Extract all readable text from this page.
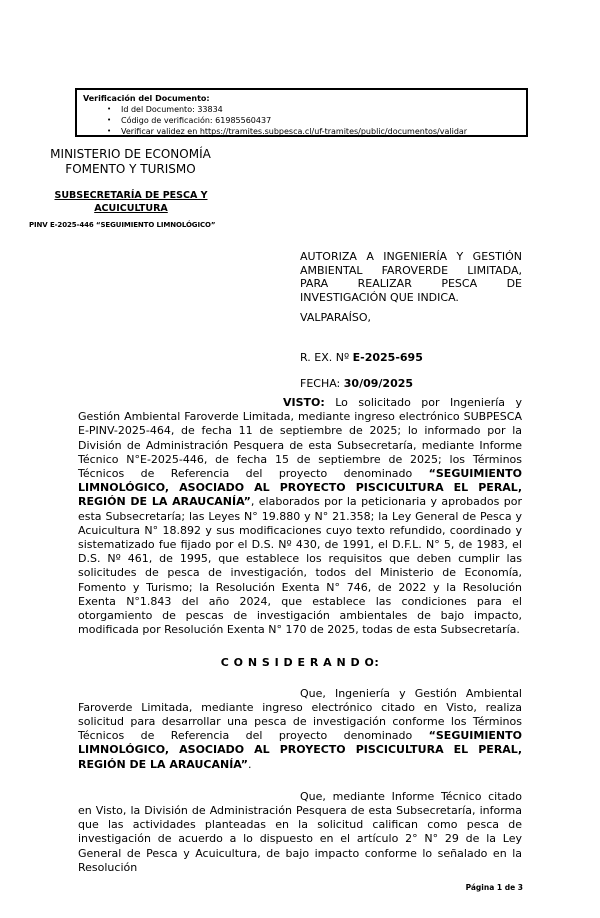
Verificación del Documento:
•	Id del Documento: 33834
•	Código de verificación: 61985560437
•	Verificar validez en https://tramites.subpesca.cl/uf-tramites/public/documentos/validar
MINISTERIO DE ECONOMÍA
FOMENTO Y TURISMO
SUBSECRETARÍA DE PESCA Y ACUICULTURA
PINV E-2025-446 “SEGUIMIENTO LIMNOLÓGICO”

AUTORIZA A INGENIERÍA Y GESTIÓN AMBIENTAL FAROVERDE LIMITADA, PARA REALIZAR PESCA DE INVESTIGACIÓN QUE INDICA.

VALPARAÍSO,

R. EX. Nº E-2025-695

FECHA: 30/09/2025

VISTO: Lo solicitado por Ingeniería y Gestión Ambiental Faroverde Limitada, mediante ingreso electrónico SUBPESCA E-PINV-2025-464, de fecha 11 de septiembre de 2025; lo informado por la División de Administración Pesquera de esta Subsecretaría, mediante Informe Técnico N°E-2025-446, de fecha 15 de septiembre de 2025; los Términos Técnicos de Referencia del proyecto denominado “SEGUIMIENTO LIMNOLÓGICO, ASOCIADO AL PROYECTO PISCICULTURA EL PERAL, REGIÓN DE LA ARAUCANÍA”, elaborados por la peticionaria y aprobados por esta Subsecretaría; las Leyes N° 19.880 y N° 21.358; la Ley General de Pesca y Acuicultura N° 18.892 y sus modificaciones cuyo texto refundido, coordinado y sistematizado fue fijado por el D.S. Nº 430, de 1991, el D.F.L. N° 5, de 1983, el D.S. Nº 461, de 1995, que establece los requisitos que deben cumplir las solicitudes de pesca de investigación, todos del Ministerio de Economía, Fomento y Turismo; la Resolución Exenta N° 746, de 2022 y la Resolución Exenta N°1.843 del año 2024, que establece las condiciones para el otorgamiento de pescas de investigación ambientales de bajo impacto, modificada por Resolución Exenta N° 170 de 2025, todas de esta Subsecretaría.

C O N S I D E R A N D O:

Que, Ingeniería y Gestión Ambiental Faroverde Limitada, mediante ingreso electrónico citado en Visto, realiza solicitud para desarrollar una pesca de investigación conforme los Términos Técnicos de Referencia del proyecto denominado “SEGUIMIENTO LIMNOLÓGICO, ASOCIADO AL PROYECTO PISCICULTURA EL PERAL, REGIÓN DE LA ARAUCANÍA”.

Que, mediante Informe Técnico citado en Visto, la División de Administración Pesquera de esta Subsecretaría, informa que las actividades planteadas en la solicitud califican como pesca de investigación de acuerdo a lo dispuesto en el artículo 2° N° 29 de la Ley General de Pesca y Acuicultura, de bajo impacto conforme lo señalado en la Resolución

Página 1 de 3
